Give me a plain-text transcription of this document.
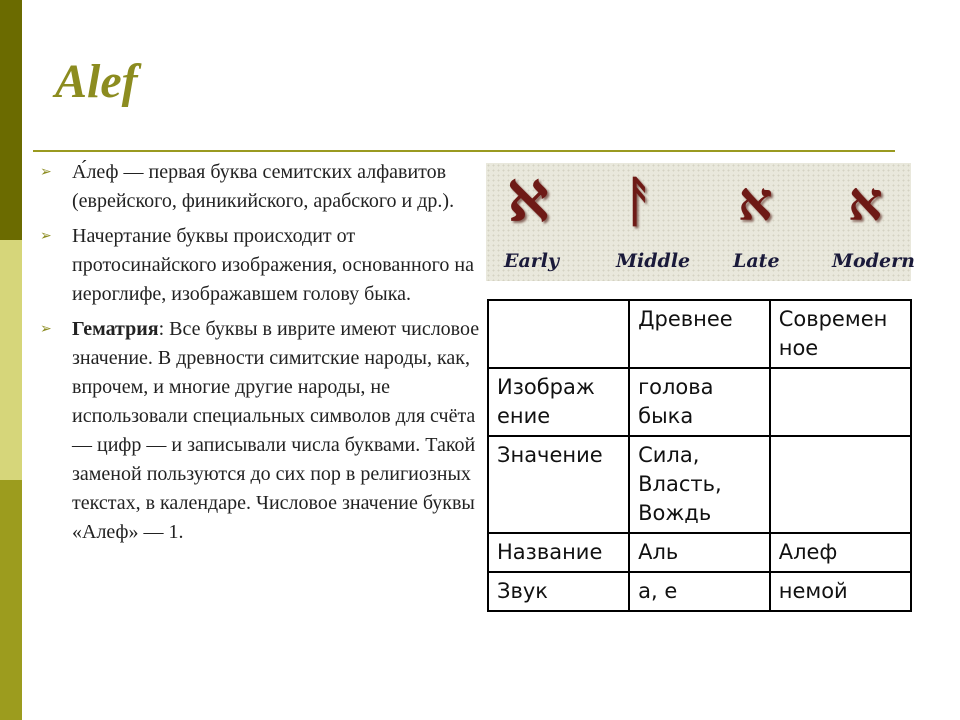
Alef
➢ А́леф — первая буква семитских алфавитов (еврейского, финикийского, арабского и др.).
➢ Начертание буквы происходит от протосинайского изображения, основанного на иероглифе, изображавшем голову быка.
➢ Гематрия: Все буквы в иврите имеют числовое значение. В древности симитские народы, как, впрочем, и многие другие народы, не использовали специальных символов для счёта — цифр — и записывали числа буквами. Такой заменой пользуются до сих пор в религиозных текстах, в календаре. Числовое значение буквы «Алеф» — 1.
ℵ ᚨ א א
Early	Middle Late	Modern
	Древнее	Современ ное
Изображ ение	голова быка	
Значение	Сила, Власть, Вождь	
Название	Аль	Алеф
Звук	а, е	немой
